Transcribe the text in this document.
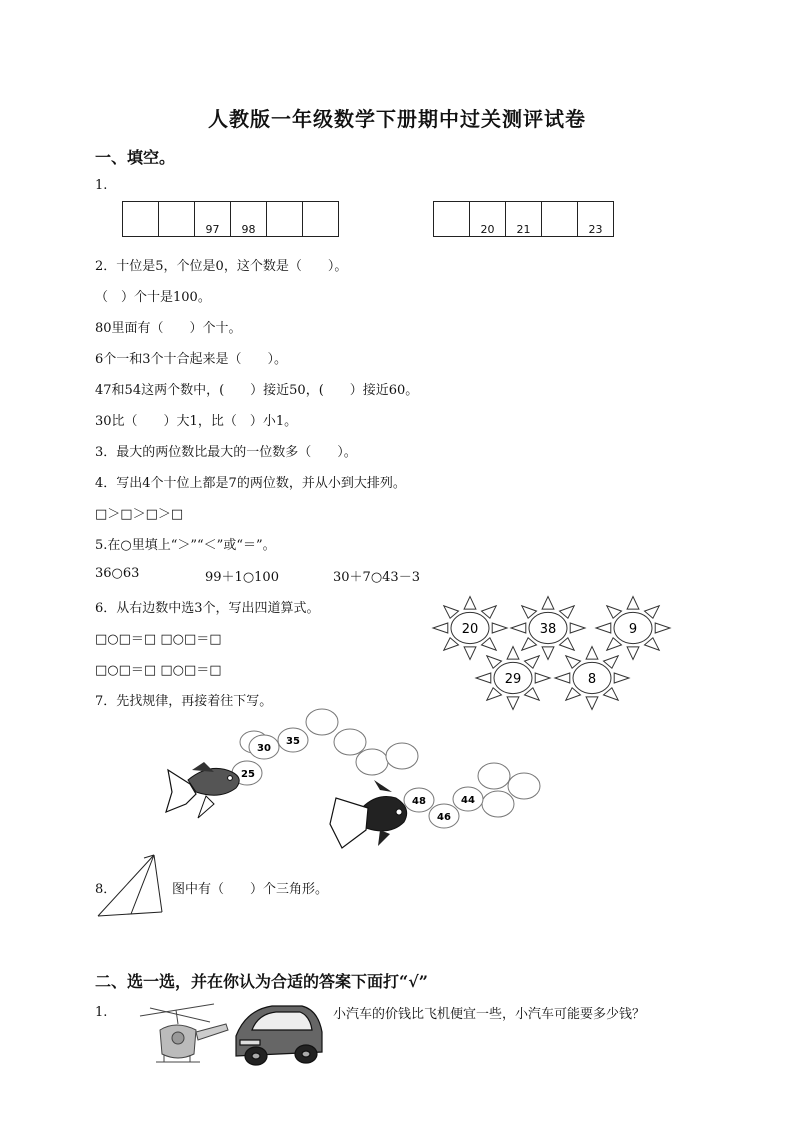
人教版一年级数学下册期中过关测评试卷
一、填空。
1.
		97	98		
		20	21		23
2．十位是5，个位是0，这个数是（　　）。
（　）个十是100。
80里面有（　　）个十。
6个一和3个十合起来是（　　）。
47和54这两个数中，(　　）接近50，(　　）接近60。
30比（　　）大1，比（　）小1。
3．最大的两位数比最大的一位数多（　　）。
4．写出4个十位上都是7的两位数，并从小到大排列。
□＞□＞□＞□
5.在○里填上“＞”“＜”或“＝”。
36○63	99＋1○100	30＋7○43－3
6．从右边数中选3个，写出四道算式。
□○□＝□ □○□＝□
□○□＝□ □○□＝□
20	38	9
29	8
7．先找规律，再接着往下写。
30
35
25
48	44
46
8．	图中有（　　）个三角形。
二、选一选，并在你认为合适的答案下面打“√”
1.	小汽车的价钱比飞机便宜一些，小汽车可能要多少钱？
